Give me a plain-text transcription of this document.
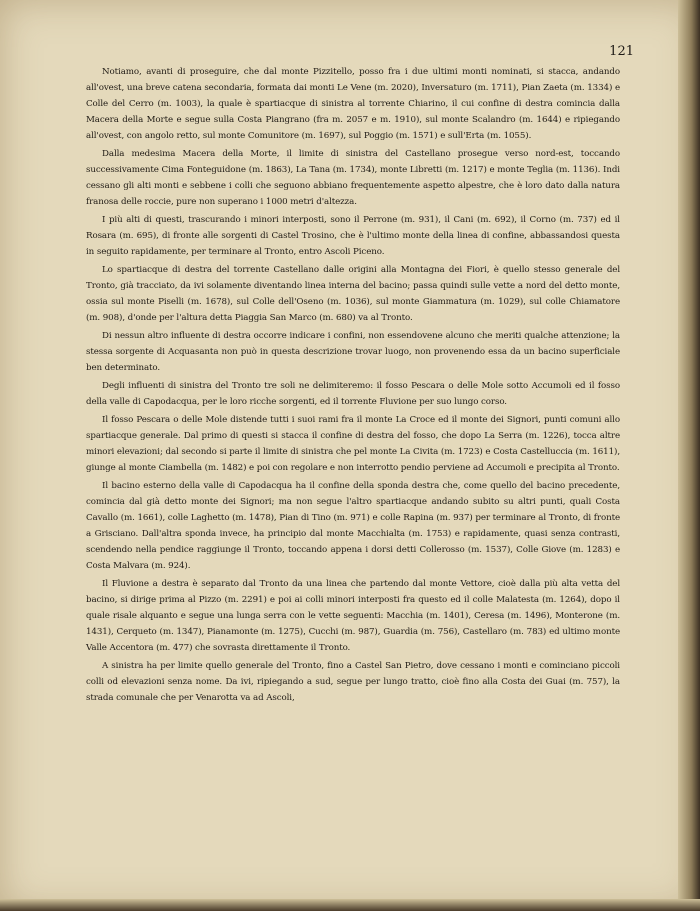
121

Notiamo, avanti di proseguire, che dal monte Pizzitello, posso fra i due ultimi monti nominati, si stacca, andando all'ovest, una breve catena secondaria, formata dai monti Le Vene (m. 2020), Inversaturo (m. 1711), Pian Zaeta (m. 1334) e Colle del Cerro (m. 1003), la quale è spartiacque di sinistra al torrente Chiarino, il cui confine di destra comincia dalla Macera della Morte e segue sulla Costa Piangrano (fra m. 2057 e m. 1910), sul monte Scalandro (m. 1644) e ripiegando all'ovest, con angolo retto, sul monte Comunitore (m. 1697), sul Poggio (m. 1571) e sull'Erta (m. 1055).

Dalla medesima Macera della Morte, il limite di sinistra del Castellano prosegue verso nord-est, toccando successivamente Cima Fonteguidone (m. 1863), La Tana (m. 1734), monte Libretti (m. 1217) e monte Teglia (m. 1136). Indi cessano gli alti monti e sebbene i colli che seguono abbiano frequentemente aspetto alpestre, che è loro dato dalla natura franosa delle roccie, pure non superano i 1000 metri d'altezza.

I più alti di questi, trascurando i minori interposti, sono il Perrone (m. 931), il Cani (m. 692), il Corno (m. 737) ed il Rosara (m. 695), di fronte alle sorgenti di Castel Trosino, che è l'ultimo monte della linea di confine, abbassandosi questa in seguito rapidamente, per terminare al Tronto, entro Ascoli Piceno.

Lo spartiacque di destra del torrente Castellano dalle origini alla Montagna dei Fiori, è quello stesso generale del Tronto, già tracciato, da ivi solamente diventando linea interna del bacino; passa quindi sulle vette a nord del detto monte, ossia sul monte Piselli (m. 1678), sul Colle dell'Oseno (m. 1036), sul monte Giammatura (m. 1029), sul colle Chiamatore (m. 908), d'onde per l'altura detta Piaggia San Marco (m. 680) va al Tronto.

Di nessun altro influente di destra occorre indicare i confini, non essendovene alcuno che meriti qualche attenzione; la stessa sorgente di Acquasanta non può in questa descrizione trovar luogo, non provenendo essa da un bacino superficiale ben determinato.

Degli influenti di sinistra del Tronto tre soli ne delimiteremo: il fosso Pescara o delle Mole sotto Accumoli ed il fosso della valle di Capodacqua, per le loro ricche sorgenti, ed il torrente Fluvione per suo lungo corso.

Il fosso Pescara o delle Mole distende tutti i suoi rami fra il monte La Croce ed il monte dei Signori, punti comuni allo spartiacque generale. Dal primo di questi si stacca il confine di destra del fosso, che dopo La Serra (m. 1226), tocca altre minori elevazioni; dal secondo si parte il limite di sinistra che pel monte La Civita (m. 1723) e Costa Castelluccia (m. 1611), giunge al monte Ciambella (m. 1482) e poi con regolare e non interrotto pendio perviene ad Accumoli e precipita al Tronto.

Il bacino esterno della valle di Capodacqua ha il confine della sponda destra che, come quello del bacino precedente, comincia dal già detto monte dei Signori; ma non segue l'altro spartiacque andando subito su altri punti, quali Costa Cavallo (m. 1661), colle Laghetto (m. 1478), Pian di Tino (m. 971) e colle Rapina (m. 937) per terminare al Tronto, di fronte a Grisciano. Dall'altra sponda invece, ha principio dal monte Macchialta (m. 1753) e rapidamente, quasi senza contrasti, scendendo nella pendice raggiunge il Tronto, toccando appena i dorsi detti Collerosso (m. 1537), Colle Giove (m. 1283) e Costa Malvara (m. 924).

Il Fluvione a destra è separato dal Tronto da una linea che partendo dal monte Vettore, cioè dalla più alta vetta del bacino, si dirige prima al Pizzo (m. 2291) e poi ai colli minori interposti fra questo ed il colle Malatesta (m. 1264), dopo il quale risale alquanto e segue una lunga serra con le vette seguenti: Macchia (m. 1401), Ceresa (m. 1496), Monterone (m. 1431), Cerqueto (m. 1347), Pianamonte (m. 1275), Cucchi (m. 987), Guardia (m. 756), Castellaro (m. 783) ed ultimo monte Valle Accentora (m. 477) che sovrasta direttamente il Tronto.

A sinistra ha per limite quello generale del Tronto, fino a Castel San Pietro, dove cessano i monti e cominciano piccoli colli od elevazioni senza nome. Da ivi, ripiegando a sud, segue per lungo tratto, cioè fino alla Costa dei Guai (m. 757), la strada comunale che per Venarotta va ad Ascoli,
